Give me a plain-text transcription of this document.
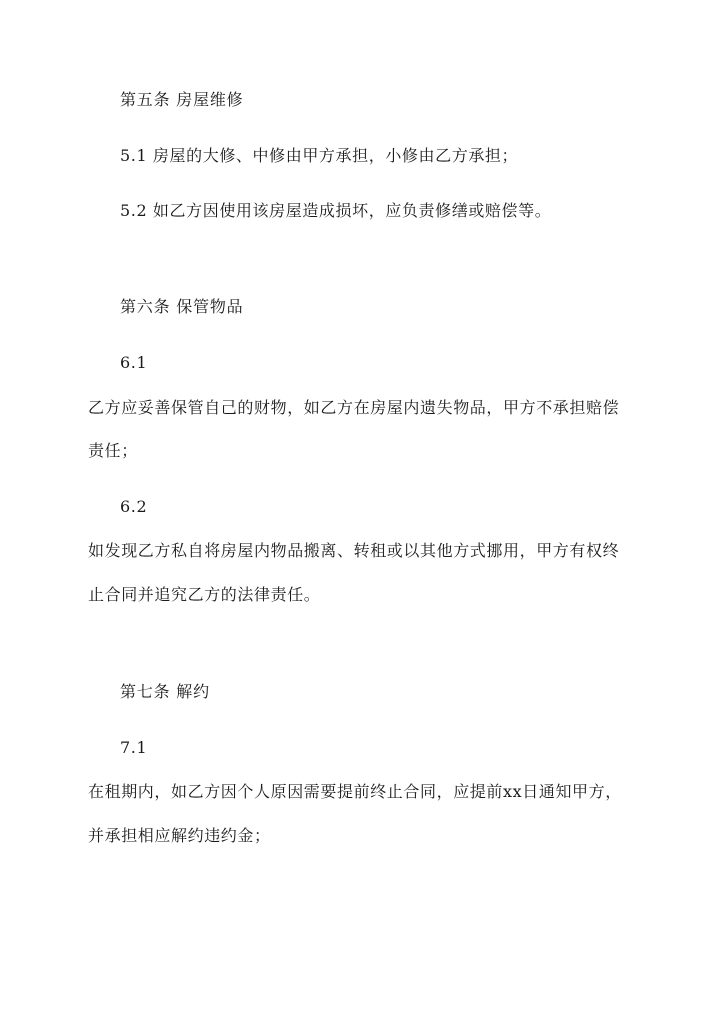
第五条 房屋维修
5.1 房屋的大修、中修由甲方承担，小修由乙方承担；
5.2 如乙方因使用该房屋造成损坏，应负责修缮或赔偿等。
第六条 保管物品
6.1
乙方应妥善保管自己的财物，如乙方在房屋内遗失物品，甲方不承担赔偿
责任；
6.2
如发现乙方私自将房屋内物品搬离、转租或以其他方式挪用，甲方有权终
止合同并追究乙方的法律责任。
第七条 解约
7.1
在租期内，如乙方因个人原因需要提前终止合同，应提前xx日通知甲方，
并承担相应解约违约金；
